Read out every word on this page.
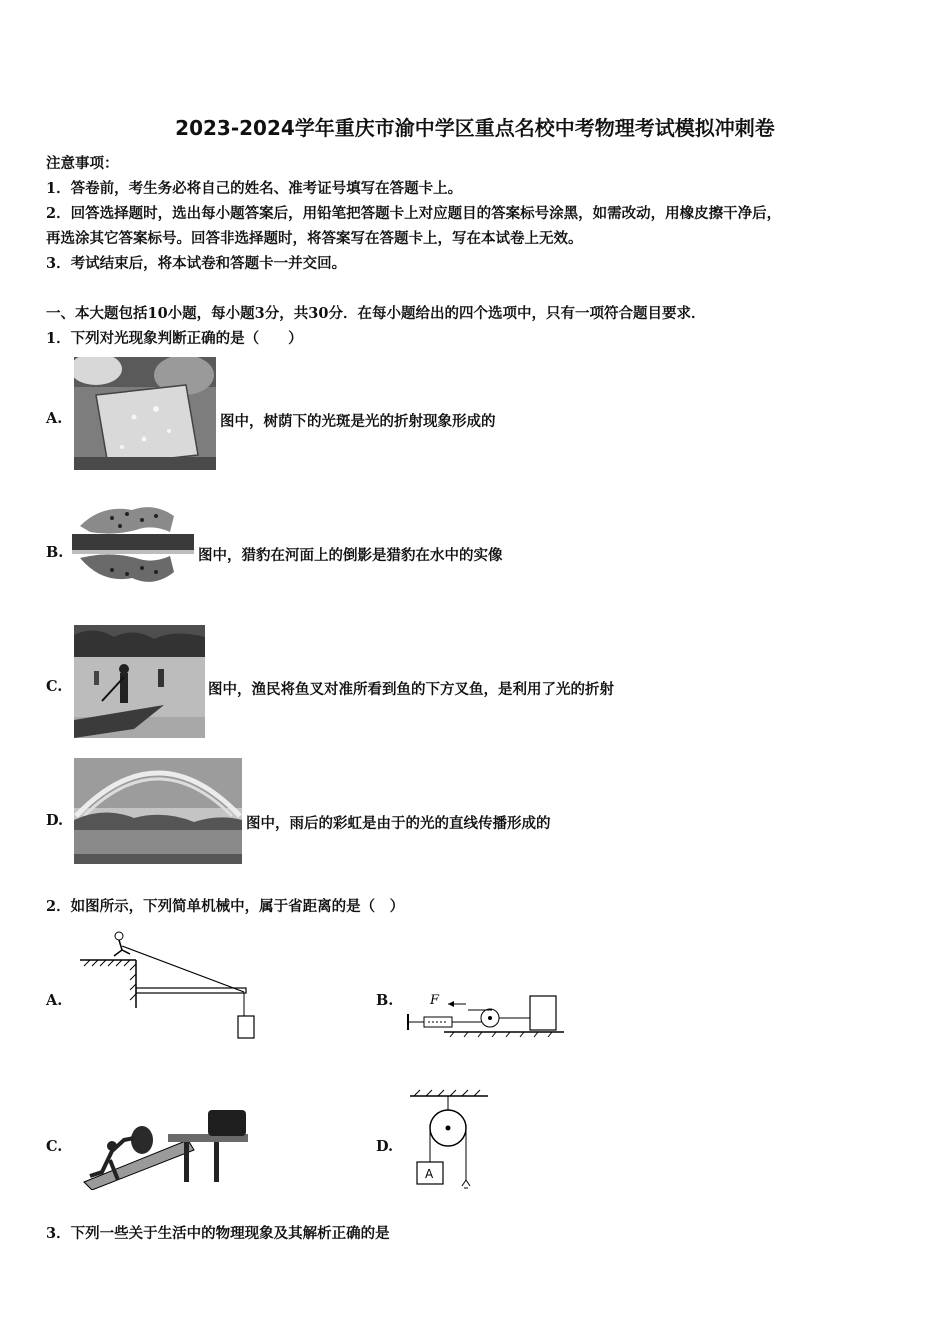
2023-2024学年重庆市渝中学区重点名校中考物理考试模拟冲刺卷
注意事项：
1．答卷前，考生务必将自己的姓名、准考证号填写在答题卡上。
2．回答选择题时，选出每小题答案后，用铅笔把答题卡上对应题目的答案标号涂黑，如需改动，用橡皮擦干净后，
再选涂其它答案标号。回答非选择题时，将答案写在答题卡上，写在本试卷上无效。
3．考试结束后，将本试卷和答题卡一并交回。
一、本大题包括10小题，每小题3分，共30分．在每小题给出的四个选项中，只有一项符合题目要求．
1．下列对光现象判断正确的是（　　）
A.	图中，树荫下的光斑是光的折射现象形成的
B.	图中，猎豹在河面上的倒影是猎豹在水中的实像
C.	图中，渔民将鱼叉对准所看到鱼的下方叉鱼，是利用了光的折射
D.	图中，雨后的彩虹是由于的光的直线传播形成的
2．如图所示，下列简单机械中，属于省距离的是（　）
A.	B.	F
C.	D.
A
3．下列一些关于生活中的物理现象及其解析正确的是
